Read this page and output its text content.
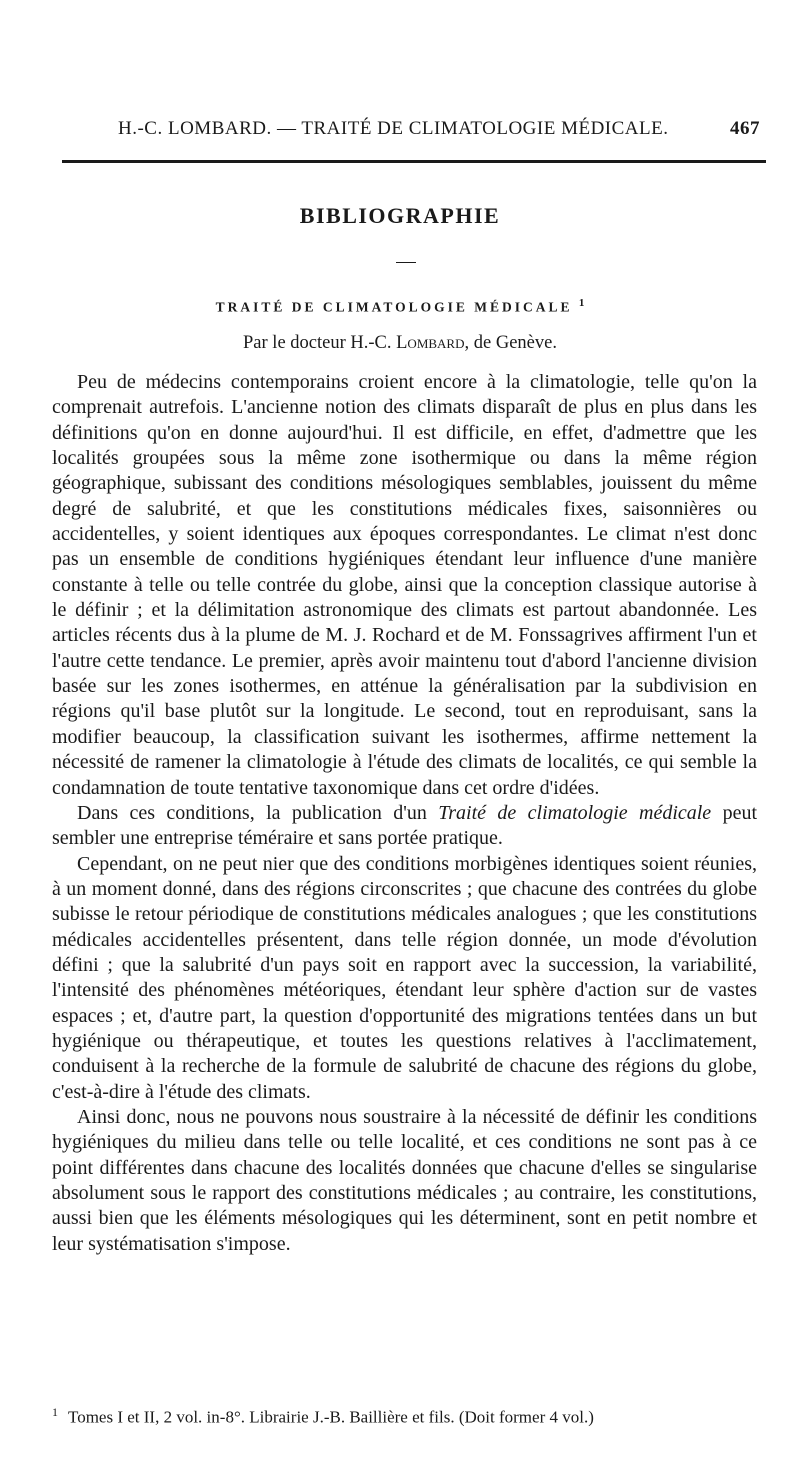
H.-C. LOMBARD. — TRAITÉ DE CLIMATOLOGIE MÉDICALE.	467
BIBLIOGRAPHIE
TRAITÉ DE CLIMATOLOGIE MÉDICALE $^1$
Par le docteur H.-C. Lombard, de Genève.

Peu de médecins contemporains croient encore à la climatologie, telle qu'on la comprenait autrefois. L'ancienne notion des climats disparaît de plus en plus dans les définitions qu'on en donne aujourd'hui. Il est difficile, en effet, d'admettre que les localités groupées sous la même zone isothermique ou dans la même région géographique, subissant des conditions mésologiques semblables, jouissent du même degré de salubrité, et que les constitutions médicales fixes, saisonnières ou accidentelles, y soient identiques aux époques correspondantes. Le climat n'est donc pas un ensemble de conditions hygiéniques étendant leur influence d'une manière constante à telle ou telle contrée du globe, ainsi que la conception classique autorise à le définir ; et la délimitation astronomique des climats est partout abandonnée. Les articles récents dus à la plume de M. J. Rochard et de M. Fonssagrives affirment l'un et l'autre cette tendance. Le premier, après avoir maintenu tout d'abord l'ancienne division basée sur les zones isothermes, en atténue la généralisation par la subdivision en régions qu'il base plutôt sur la longitude. Le second, tout en reproduisant, sans la modifier beaucoup, la classification suivant les isothermes, affirme nettement la nécessité de ramener la climatologie à l'étude des climats de localités, ce qui semble la condamnation de toute tentative taxonomique dans cet ordre d'idées.

Dans ces conditions, la publication d'un Traité de climatologie médicale peut sembler une entreprise téméraire et sans portée pratique.

Cependant, on ne peut nier que des conditions morbigènes identiques soient réunies, à un moment donné, dans des régions circonscrites ; que chacune des contrées du globe subisse le retour périodique de constitutions médicales analogues ; que les constitutions médicales accidentelles présentent, dans telle région donnée, un mode d'évolution défini ; que la salubrité d'un pays soit en rapport avec la succession, la variabilité, l'intensité des phénomènes météoriques, étendant leur sphère d'action sur de vastes espaces ; et, d'autre part, la question d'opportunité des migrations tentées dans un but hygiénique ou thérapeutique, et toutes les questions relatives à l'acclimatement, conduisent à la recherche de la formule de salubrité de chacune des régions du globe, c'est-à-dire à l'étude des climats.

Ainsi donc, nous ne pouvons nous soustraire à la nécessité de définir les conditions hygiéniques du milieu dans telle ou telle localité, et ces conditions ne sont pas à ce point différentes dans chacune des localités données que chacune d'elles se singularise absolument sous le rapport des constitutions médicales ; au contraire, les constitutions, aussi bien que les éléments mésologiques qui les déterminent, sont en petit nombre et leur systématisation s'impose.

$^1$ Tomes I et II, 2 vol. in-8°. Librairie J.-B. Baillière et fils. (Doit former 4 vol.)
